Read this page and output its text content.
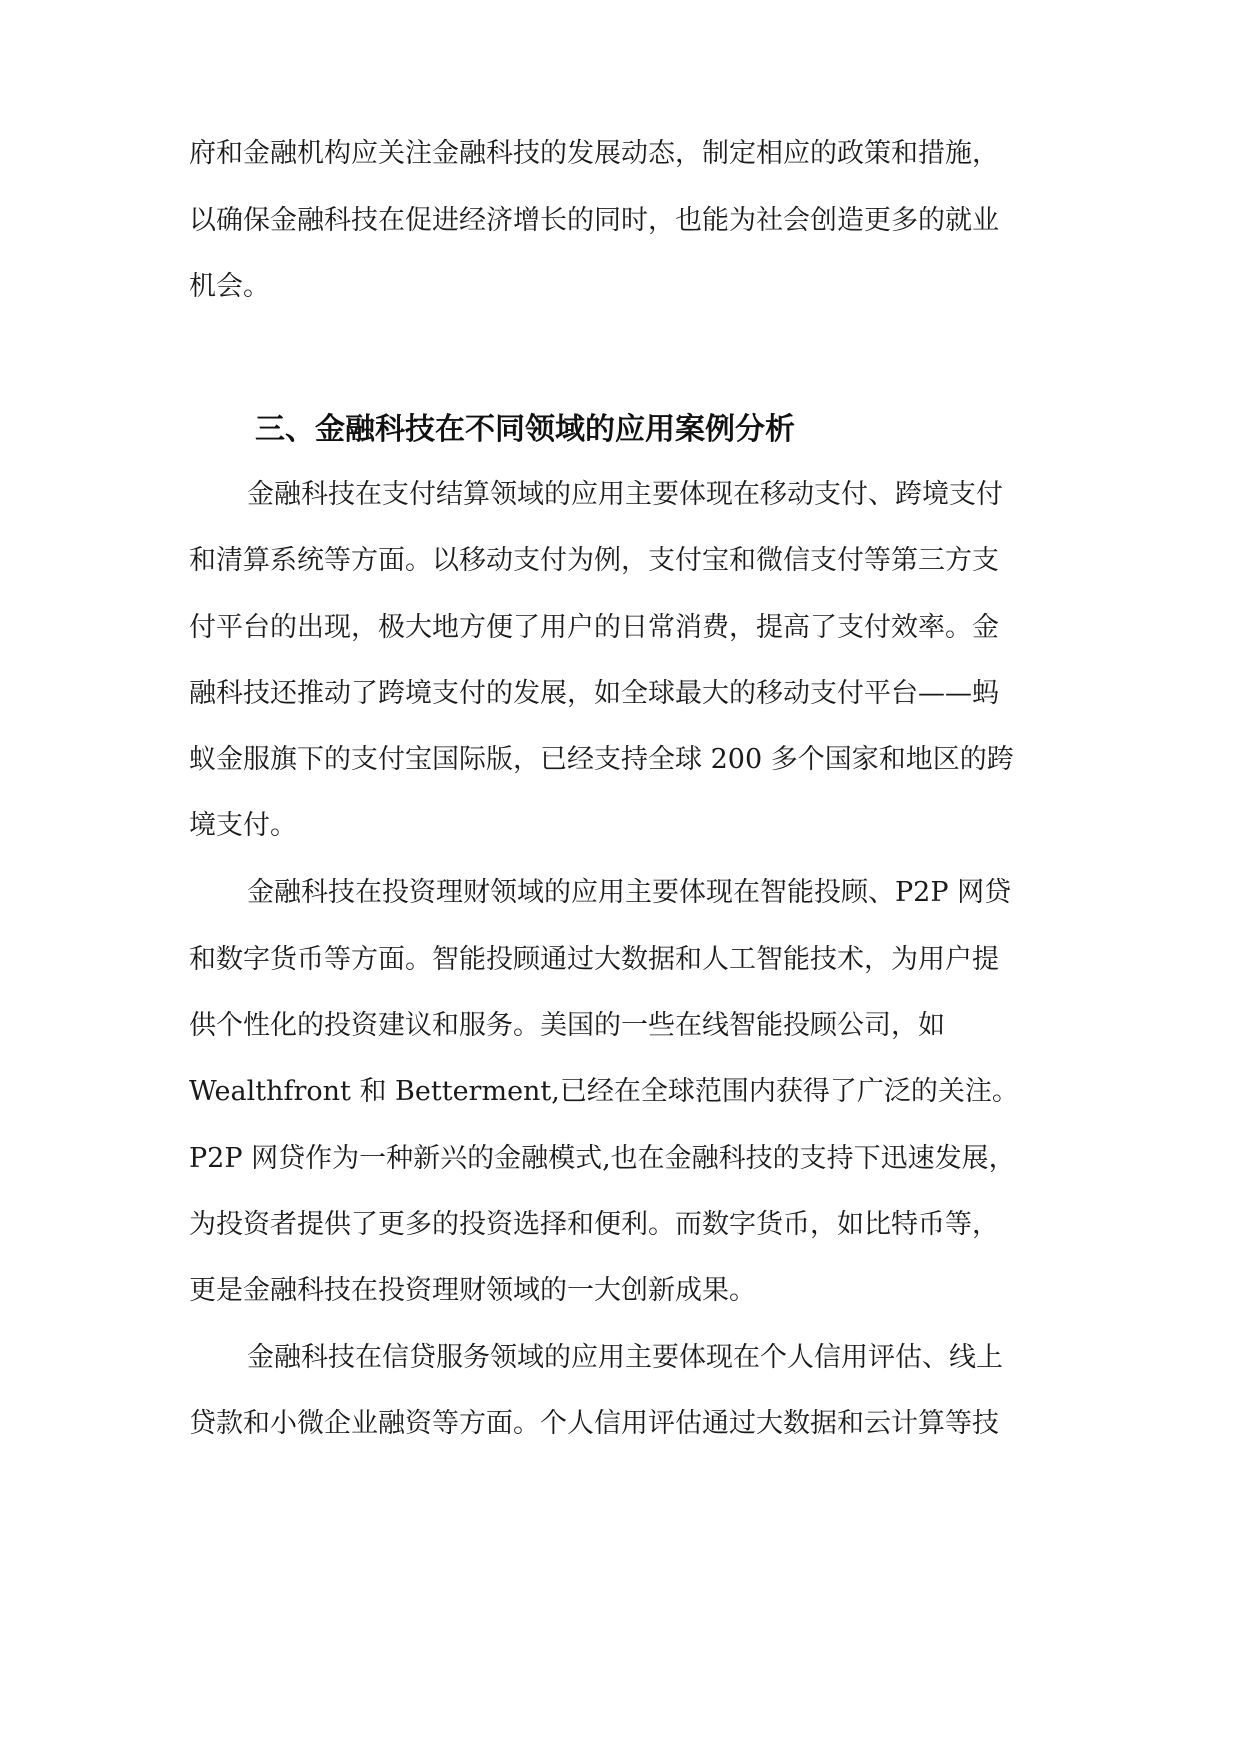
府和金融机构应关注金融科技的发展动态，制定相应的政策和措施，

以确保金融科技在促进经济增长的同时，也能为社会创造更多的就业

机会。

三、金融科技在不同领域的应用案例分析

金融科技在支付结算领域的应用主要体现在移动支付、跨境支付

和清算系统等方面。以移动支付为例，支付宝和微信支付等第三方支

付平台的出现，极大地方便了用户的日常消费，提高了支付效率。金

融科技还推动了跨境支付的发展，如全球最大的移动支付平台——蚂

蚁金服旗下的支付宝国际版，已经支持全球 200 多个国家和地区的跨

境支付。

金融科技在投资理财领域的应用主要体现在智能投顾、P2P 网贷

和数字货币等方面。智能投顾通过大数据和人工智能技术，为用户提

供个性化的投资建议和服务。美国的一些在线智能投顾公司，如

Wealthfront 和 Betterment,已经在全球范围内获得了广泛的关注。

P2P 网贷作为一种新兴的金融模式,也在金融科技的支持下迅速发展，

为投资者提供了更多的投资选择和便利。而数字货币，如比特币等，

更是金融科技在投资理财领域的一大创新成果。

金融科技在信贷服务领域的应用主要体现在个人信用评估、线上

贷款和小微企业融资等方面。个人信用评估通过大数据和云计算等技
